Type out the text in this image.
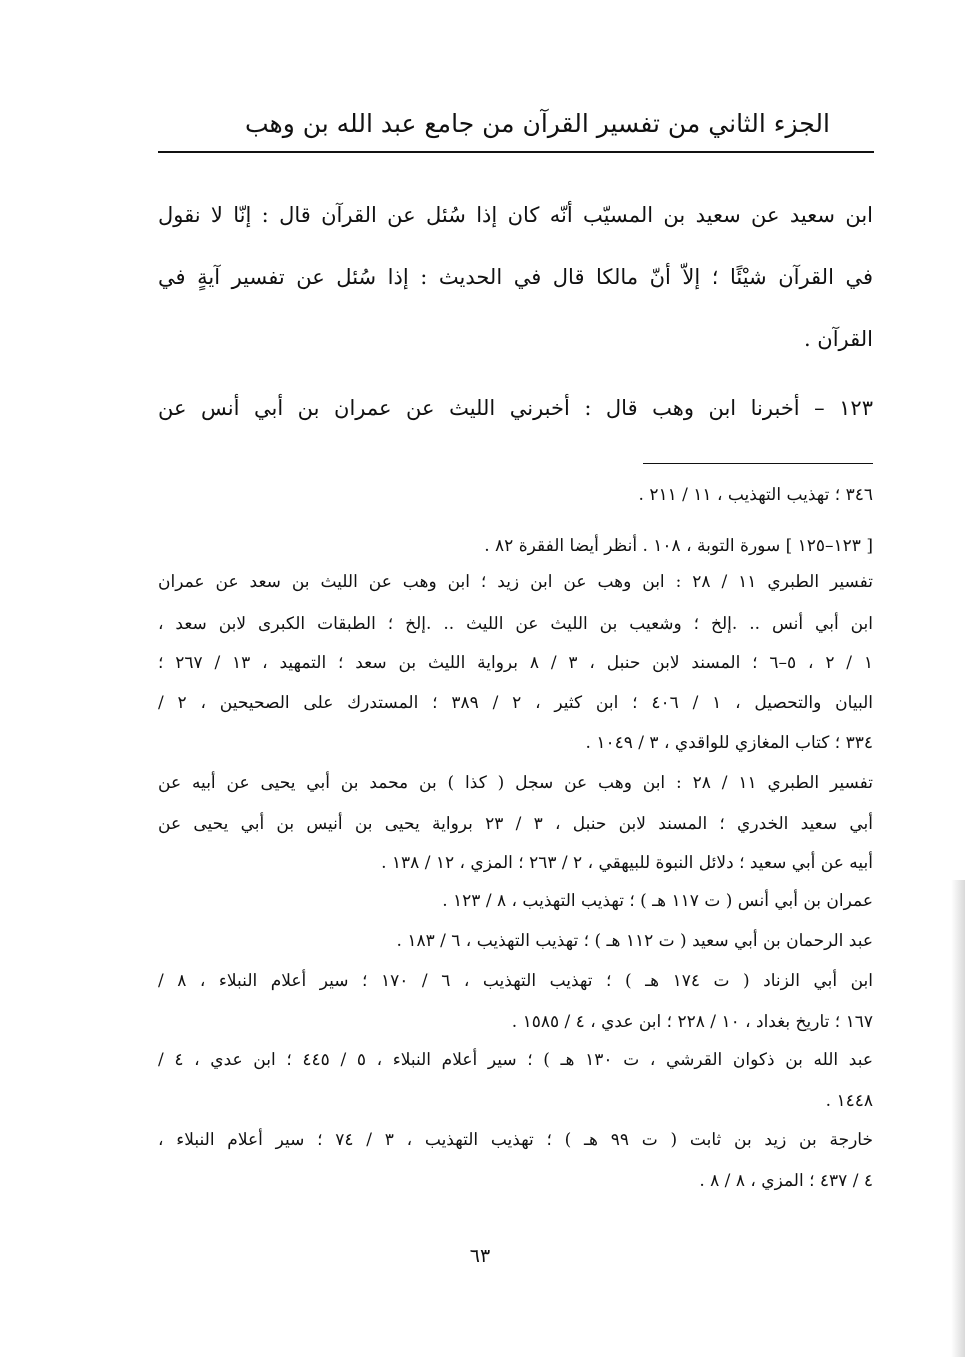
الجزء الثاني من تفسير القرآن من جامع عبد الله بن وهب
ابن سعيد عن سعيد بن المسيّب أنّه كان إذا سُئل عن القرآن قال : إنّا لا نقول
في القرآن شيْئًا ؛ إلاّ أنّ مالكا قال في الحديث : إذا سُئل عن تفسير آيةٍ في
القرآن .
١٢٣ – أخبرنا ابن وهب قال : أخبرني الليث عن عمران بن أبي أنس عن
٣٤٦ ؛ تهذيب التهذيب ، ١١ / ٢١١ .
[ ١٢٣–١٢٥ ] سورة التوبة ، ١٠٨ . أنظر أيضا الفقرة ٨٢ .
تفسير الطبري ١١ / ٢٨ : ابن وهب عن ابن زيد ؛ ابن وهب عن الليث بن سعد عن عمران
ابن أبي أنس .. .إلخ ؛ وشعيب بن الليث عن الليث .. .إلخ ؛ الطبقات الكبرى لابن سعد ،
١ / ٢ ، ٥–٦ ؛ المسند لابن حنبل ، ٣ / ٨ برواية الليث بن سعد ؛ التمهيد ، ١٣ / ٢٦٧ ؛
البيان والتحصيل ، ١ / ٤٠٦ ؛ ابن كثير ، ٢ / ٣٨٩ ؛ المستدرك على الصحيحين ، ٢ /
٣٣٤ ؛ كتاب المغازي للواقدي ، ٣ / ١٠٤٩ .
تفسير الطبري ١١ / ٢٨ : ابن وهب عن سجل ( كذا ) بن محمد بن أبي يحيى عن أبيه عن
أبي سعيد الخدري ؛ المسند لابن حنبل ، ٣ / ٢٣ برواية يحيى بن أنيس بن أبي يحيى عن
أبيه عن أبي سعيد ؛ دلائل النبوة للبيهقي ، ٢ / ٢٦٣ ؛ المزي ، ١٢ / ١٣٨ .
عمران بن أبي أنس ( ت ١١٧ هـ ) ؛ تهذيب التهذيب ، ٨ / ١٢٣ .
عبد الرحمان بن أبي سعيد ( ت ١١٢ هـ ) ؛ تهذيب التهذيب ، ٦ / ١٨٣ .
ابن أبي الزناد ( ت ١٧٤ هـ ) ؛ تهذيب التهذيب ، ٦ / ١٧٠ ؛ سير أعلام النبلاء ، ٨ /
١٦٧ ؛ تاريخ بغداد ، ١٠ / ٢٢٨ ؛ ابن عدي ، ٤ / ١٥٨٥ .
عبد الله بن ذكوان القرشي ، ت ١٣٠ هـ ) ؛ سير أعلام النبلاء ، ٥ / ٤٤٥ ؛ ابن عدي ، ٤ /
١٤٤٨ .
خارجة بن زيد بن ثابت ( ت ٩٩ هـ ) ؛ تهذيب التهذيب ، ٣ / ٧٤ ؛ سير أعلام النبلاء ،
٤ / ٤٣٧ ؛ المزي ، ٨ / ٨ .
٦٣
